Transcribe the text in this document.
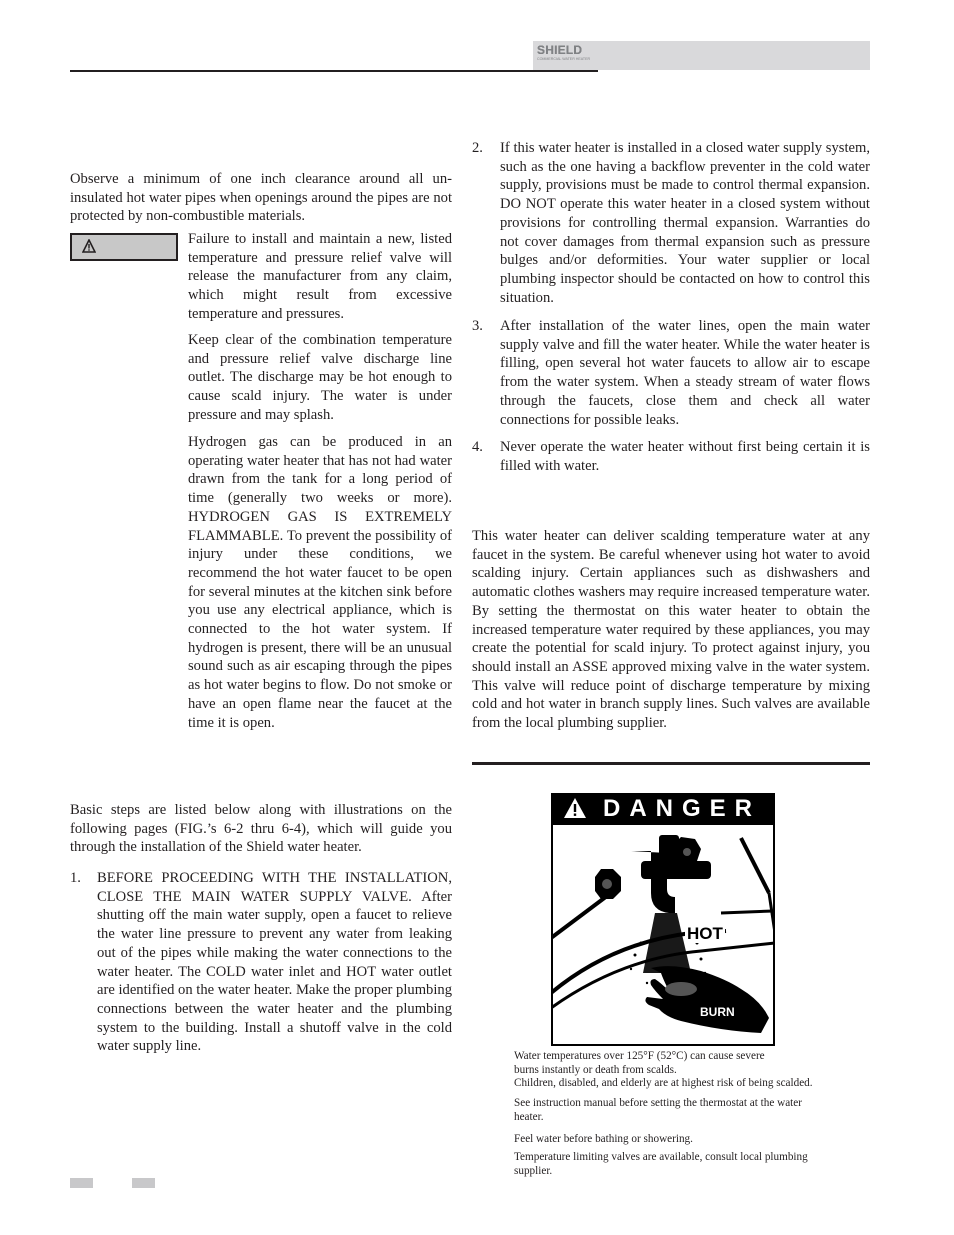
SHIELD
COMMERCIAL WATER HEATER

Observe a minimum of one inch clearance around all un-insulated hot water pipes when openings around the pipes are not protected by non-combustible materials.

Failure to install and maintain a new, listed temperature and pressure relief valve will release the manufacturer from any claim, which might result from excessive temperature and pressures.

Keep clear of the combination temperature and pressure relief valve discharge line outlet. The discharge may be hot enough to cause scald injury. The water is under pressure and may splash.

Hydrogen gas can be produced in an operating water heater that has not had water drawn from the tank for a long period of time (generally two weeks or more). HYDROGEN GAS IS EXTREMELY FLAMMABLE. To prevent the possibility of injury under these conditions, we recommend the hot water faucet to be open for several minutes at the kitchen sink before you use any electrical appliance, which is connected to the hot water system. If hydrogen is present, there will be an unusual sound such as air escaping through the pipes as hot water begins to flow. Do not smoke or have an open flame near the faucet at the time it is open.

Basic steps are listed below along with illustrations on the following pages (FIG.’s 6-2 thru 6-4), which will guide you through the installation of the Shield water heater.

1. BEFORE PROCEEDING WITH THE INSTALLATION, CLOSE THE MAIN WATER SUPPLY VALVE. After shutting off the main water supply, open a faucet to relieve the water line pressure to prevent any water from leaking out of the pipes while making the water connections to the water heater. The COLD water inlet and HOT water outlet are identified on the water heater. Make the proper plumbing connections between the water heater and the plumbing system to the building. Install a shutoff valve in the cold water supply line.

2. If this water heater is installed in a closed water supply system, such as the one having a backflow preventer in the cold water supply, provisions must be made to control thermal expansion. DO NOT operate this water heater in a closed system without provisions for controlling thermal expansion. Warranties do not cover damages from thermal expansion such as pressure bulges and/or deformities. Your water supplier or local plumbing inspector should be contacted on how to control this situation.

3. After installation of the water lines, open the main water supply valve and fill the water heater. While the water heater is filling, open several hot water faucets to allow air to escape from the water system. When a steady stream of water flows through the faucets, close them and check all water connections for possible leaks.

4. Never operate the water heater without first being certain it is filled with water.

This water heater can deliver scalding temperature water at any faucet in the system. Be careful whenever using hot water to avoid scalding injury. Certain appliances such as dishwashers and automatic clothes washers may require increased temperature water. By setting the thermostat on this water heater to obtain the increased temperature water required by these appliances, you may create the potential for scald injury. To protect against injury, you should install an ASSE approved mixing valve in the water system. This valve will reduce point of discharge temperature by mixing cold and hot water in branch supply lines. Such valves are available from the local plumbing supplier.

DANGER
HOT
BURN

Water temperatures over 125°F (52°C) can cause severe burns instantly or death from scalds.

Children, disabled, and elderly are at highest risk of being scalded.

See instruction manual before setting the thermostat at the water heater.

Feel water before bathing or showering.

Temperature limiting valves are available, consult local plumbing supplier.
